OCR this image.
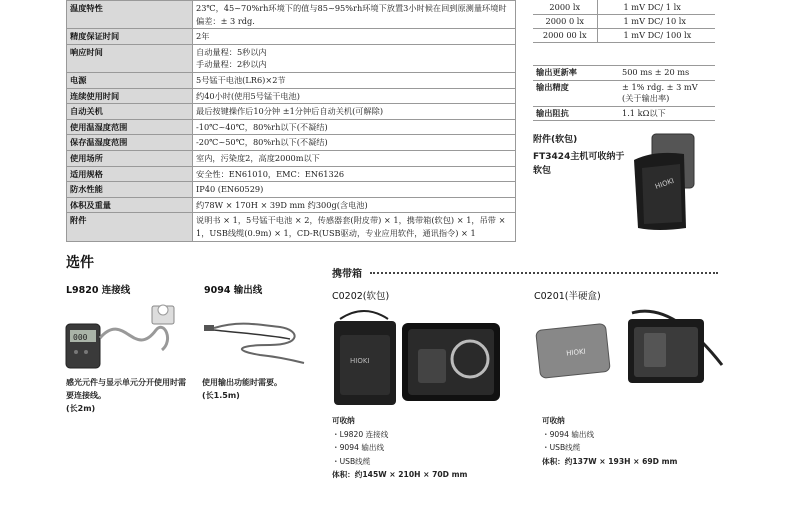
温度特性	23℃，45~70%rh环境下的值与85~95%rh环境下放置3小时候在回到原测量环境时偏差：± 3 rdg.
精度保证时间	2年
响应时间	自动量程：5秒以内
手动量程：2秒以内
电源	5号锰干电池(LR6)×2节
连续使用时间	约40小时(使用5号锰干电池)
自动关机	最后按键操作后10分钟 ±1分钟后自动关机(可解除)
使用温湿度范围	-10℃~40℃，80%rh以下(不凝结)
保存温湿度范围	-20℃~50℃，80%rh以下(不凝结)
使用场所	室内，污染度2，高度2000m以下
适用规格	安全性：EN61010，EMC：EN61326
防水性能	IP40 (EN60529)
体积及重量	约78W × 170H × 39D mm 约300g(含电池)
附件	说明书 × 1，5号锰干电池 × 2，传感器套(附皮带) × 1，携带箱(软包) × 1，吊带 × 1，USB线缆(0.9m) × 1，CD-R(USB驱动，专业应用软件，通讯指令) × 1
2000 lx	1 mV DC/ 1 lx
2000 0 lx	1 mV DC/ 10 lx
2000 00 lx	1 mV DC/ 100 lx
输出更新率	500 ms ± 20 ms
输出精度	± 1% rdg. ± 3 mV
(关于输出率)
输出阻抗	1.1 kΩ以下
附件(软包)
FT3424主机可收纳于软包
HIOKI
选件
携带箱
L9820 连接线
000
感光元件与显示单元分开使用时需要连接线。
(长2m)
9094 输出线
使用输出功能时需要。
(长1.5m)
C0202(软包)
HIOKI
可收纳
・L9820 连接线
・9094 输出线
・USB线缆
体积：约145W × 210H × 70D mm
C0201(半硬盒)
HIOKI
可收纳
・9094 输出线
・USB线缆
体积：约137W × 193H × 69D mm
